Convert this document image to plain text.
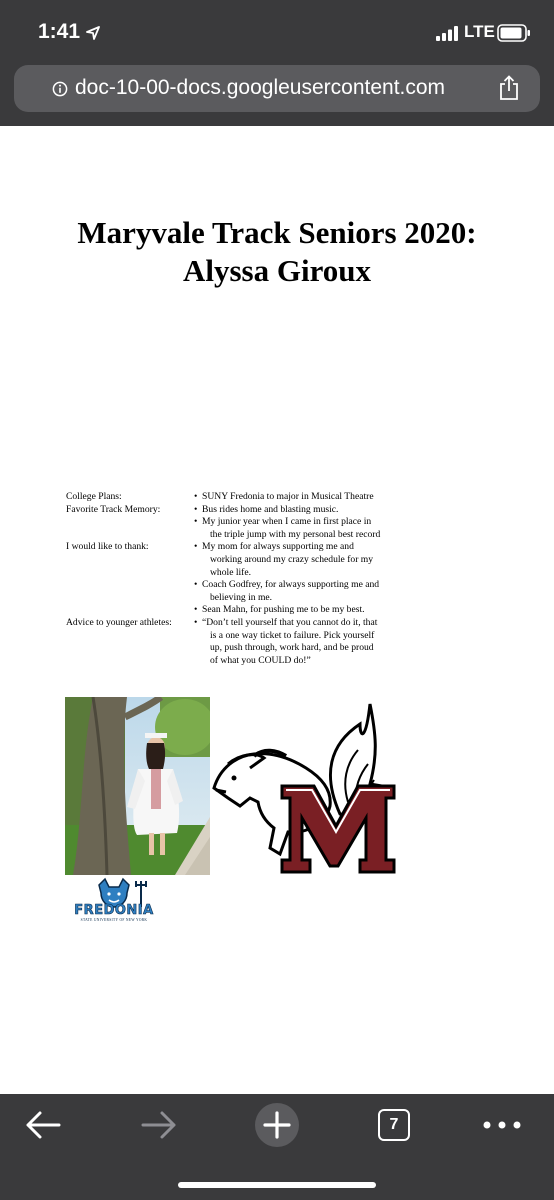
1:41	LTE
doc-10-00-docs.googleusercontent.com
Maryvale Track Seniors 2020:
Alyssa Giroux
College Plans:	• SUNY Fredonia to major in Musical Theatre
Favorite Track Memory:	• Bus rides home and blasting music.
• My junior year when I came in first place in
the triple jump with my personal best record
I would like to thank:	• My mom for always supporting me and
working around my crazy schedule for my
whole life.
• Coach Godfrey, for always supporting me and
believing in me.
• Sean Mahn, for pushing me to be my best.
Advice to younger athletes:	• “Don’t tell yourself that you cannot do it, that
is a one way ticket to failure. Pick yourself
up, push through, work hard, and be proud
of what you COULD do!”
FREDONIA
STATE UNIVERSITY OF NEW YORK
7
